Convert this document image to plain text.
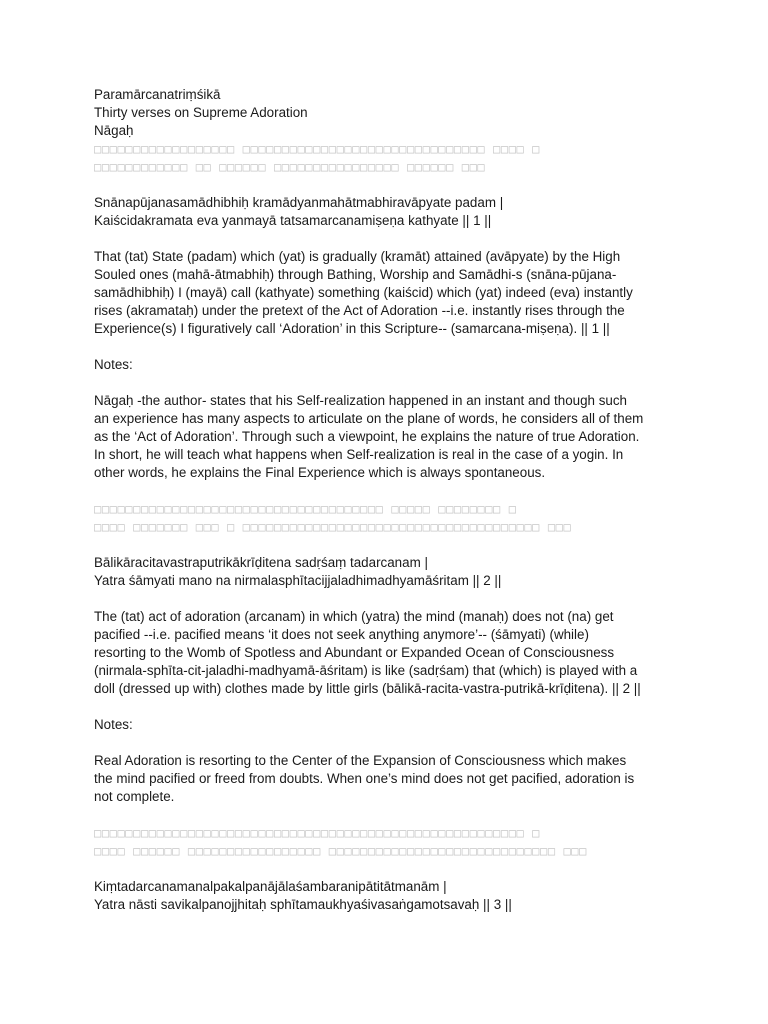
Paramārcanatriṃśikā
Thirty verses on Supreme Adoration
Nāgaḥ
□□□□□□□□□□□□□□□□□□ □□□□□□□□□□□□□□□□□□□□□□□□□□□□□□□ □□□□ □
□□□□□□□□□□□□ □□ □□□□□□ □□□□□□□□□□□□□□□□ □□□□□□ □□□
Snānapūjanasamādhibhiḥ kramādyanmahātmabhiravāpyate padam |
Kaiścidakramata eva yanmayā tatsamarcanamiṣeṇa kathyate || 1 ||
That (tat) State (padam) which (yat) is gradually (kramāt) attained (avāpyate) by the High
Souled ones (mahā-ātmabhiḥ) through Bathing, Worship and Samādhi-s (snāna-pūjana-
samādhibhiḥ) I (mayā) call (kathyate) something (kaiścid) which (yat) indeed (eva) instantly
rises (akramataḥ) under the pretext of the Act of Adoration --i.e. instantly rises through the
Experience(s) I figuratively call ‘Adoration’ in this Scripture-- (samarcana-miṣeṇa). || 1 ||
Notes:
Nāgaḥ -the author- states that his Self-realization happened in an instant and though such
an experience has many aspects to articulate on the plane of words, he considers all of them
as the ‘Act of Adoration’. Through such a viewpoint, he explains the nature of true Adoration.
In short, he will teach what happens when Self-realization is real in the case of a yogin. In
other words, he explains the Final Experience which is always spontaneous.
□□□□□□□□□□□□□□□□□□□□□□□□□□□□□□□□□□□□□ □□□□□ □□□□□□□□ □
□□□□ □□□□□□□ □□□ □ □□□□□□□□□□□□□□□□□□□□□□□□□□□□□□□□□□□□□□ □□□
Bālikāracitavastraputrikākrīḍitena sadṛśaṃ tadarcanam |
Yatra śāmyati mano na nirmalasphītacijjaladhimadhyamāśritam || 2 ||
The (tat) act of adoration (arcanam) in which (yatra) the mind (manaḥ) does not (na) get
pacified --i.e. pacified means ‘it does not seek anything anymore’-- (śāmyati) (while)
resorting to the Womb of Spotless and Abundant or Expanded Ocean of Consciousness
(nirmala-sphīta-cit-jaladhi-madhyamā-āśritam) is like (sadṛśam) that (which) is played with a
doll (dressed up with) clothes made by little girls (bālikā-racita-vastra-putrikā-krīḍitena). || 2 ||
Notes:
Real Adoration is resorting to the Center of the Expansion of Consciousness which makes
the mind pacified or freed from doubts. When one’s mind does not get pacified, adoration is
not complete.
□□□□□□□□□□□□□□□□□□□□□□□□□□□□□□□□□□□□□□□□□□□□□□□□□□□□□□□ □
□□□□ □□□□□□ □□□□□□□□□□□□□□□□□ □□□□□□□□□□□□□□□□□□□□□□□□□□□□□ □□□
Kiṃtadarcanamanalpakalpanājālaśambaranipātitātmanām |
Yatra nāsti savikalpanojjhitaḥ sphītamaukhyaśivasaṅgamotsavaḥ || 3 ||
